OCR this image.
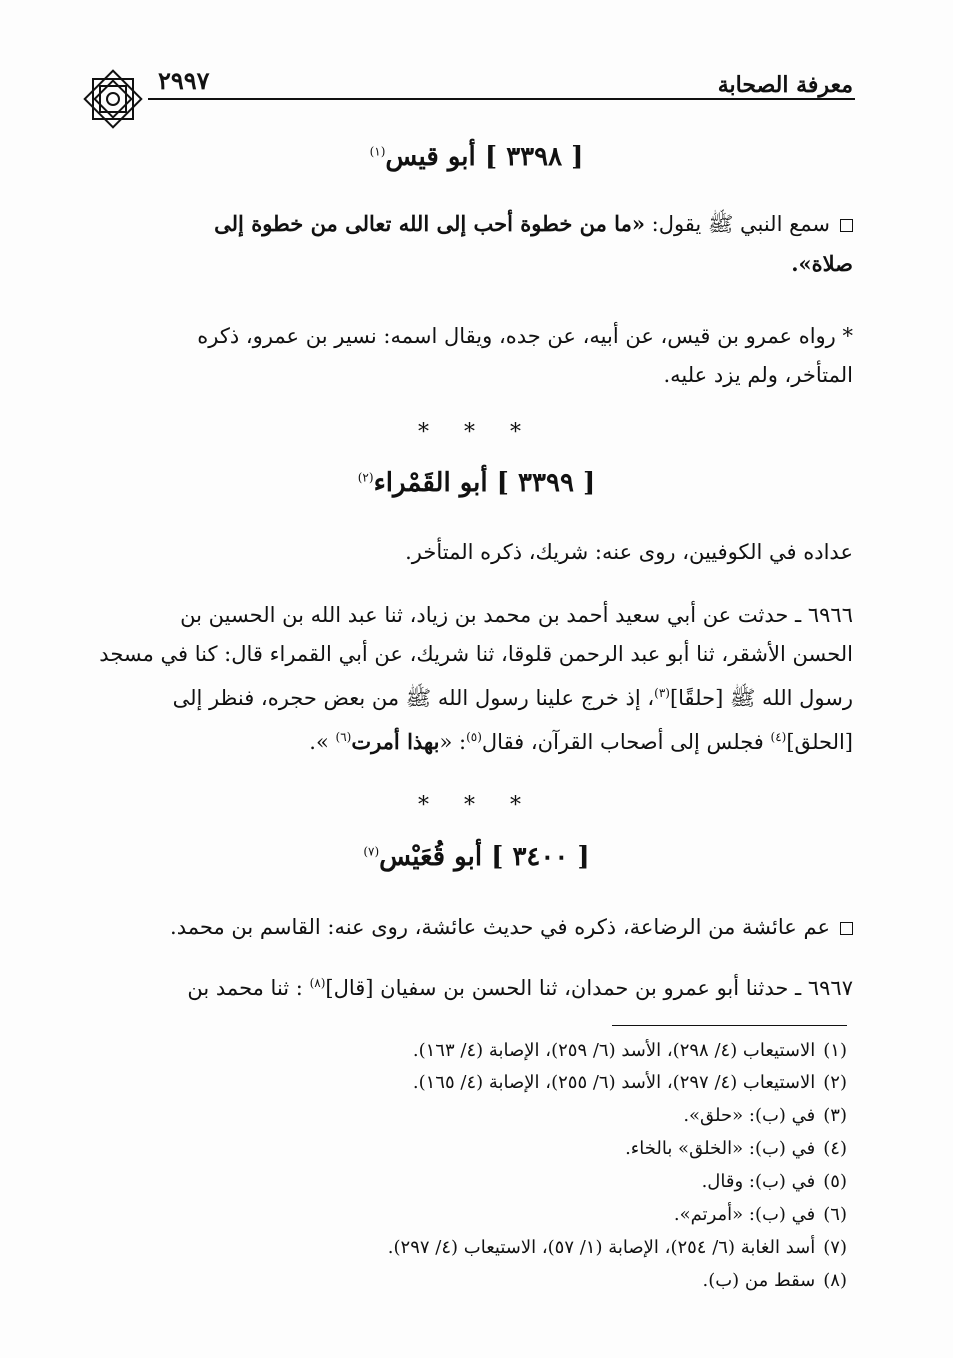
معرفة الصحابة
٢٩٩٧
[ ٣٣٩٨ ] أبو قيس$^{(١)}$
سمع النبي ﷺ يقول: «ما من خطوة أحب إلى الله تعالى من خطوة إلى
صلاة».
* رواه عمرو بن قيس، عن أبيه، عن جده، ويقال اسمه: نسير بن عمرو، ذكره
المتأخر، ولم يزد عليه.
* * *
[ ٣٣٩٩ ] أبو القَمْراء$^{(٢)}$
عداده في الكوفيين، روى عنه: شريك، ذكره المتأخر.
٦٩٦٦ ـ حدثت عن أبي سعيد أحمد بن محمد بن زياد، ثنا عبد الله بن الحسين بن
الحسن الأشقر، ثنا أبو عبد الرحمن قلوقا، ثنا شريك، عن أبي القمراء قال: كنا في مسجد
رسول الله ﷺ [حلقًا]$^{(٣)}$، إذ خرج علينا رسول الله ﷺ من بعض حجره، فنظر إلى
[الحلق]$^{(٤)}$ فجلس إلى أصحاب القرآن، فقال$^{(٥)}$: «بهذا أمرت$^{(٦)}$ ».
* * *
[ ٣٤٠٠ ] أبو قُعَيْس$^{(٧)}$
عم عائشة من الرضاعة، ذكره في حديث عائشة، روى عنه: القاسم بن محمد.
٦٩٦٧ ـ حدثنا أبو عمرو بن حمدان، ثنا الحسن بن سفيان [قال]$^{(٨)}$ : ثنا محمد بن
(١)الاستيعاب (٤/ ٢٩٨)، الأسد (٦/ ٢٥٩)، الإصابة (٤/ ١٦٣).
(٢)الاستيعاب (٤/ ٢٩٧)، الأسد (٦/ ٢٥٥)، الإصابة (٤/ ١٦٥).
(٣)في (ب): «حلق».
(٤)في (ب): «الخلق» بالخاء.
(٥)في (ب): وقال.
(٦)في (ب): «أمرتم».
(٧)أسد الغابة (٦/ ٢٥٤)، الإصابة (١/ ٥٧)، الاستيعاب (٤/ ٢٩٧).
(٨)سقط من (ب).
